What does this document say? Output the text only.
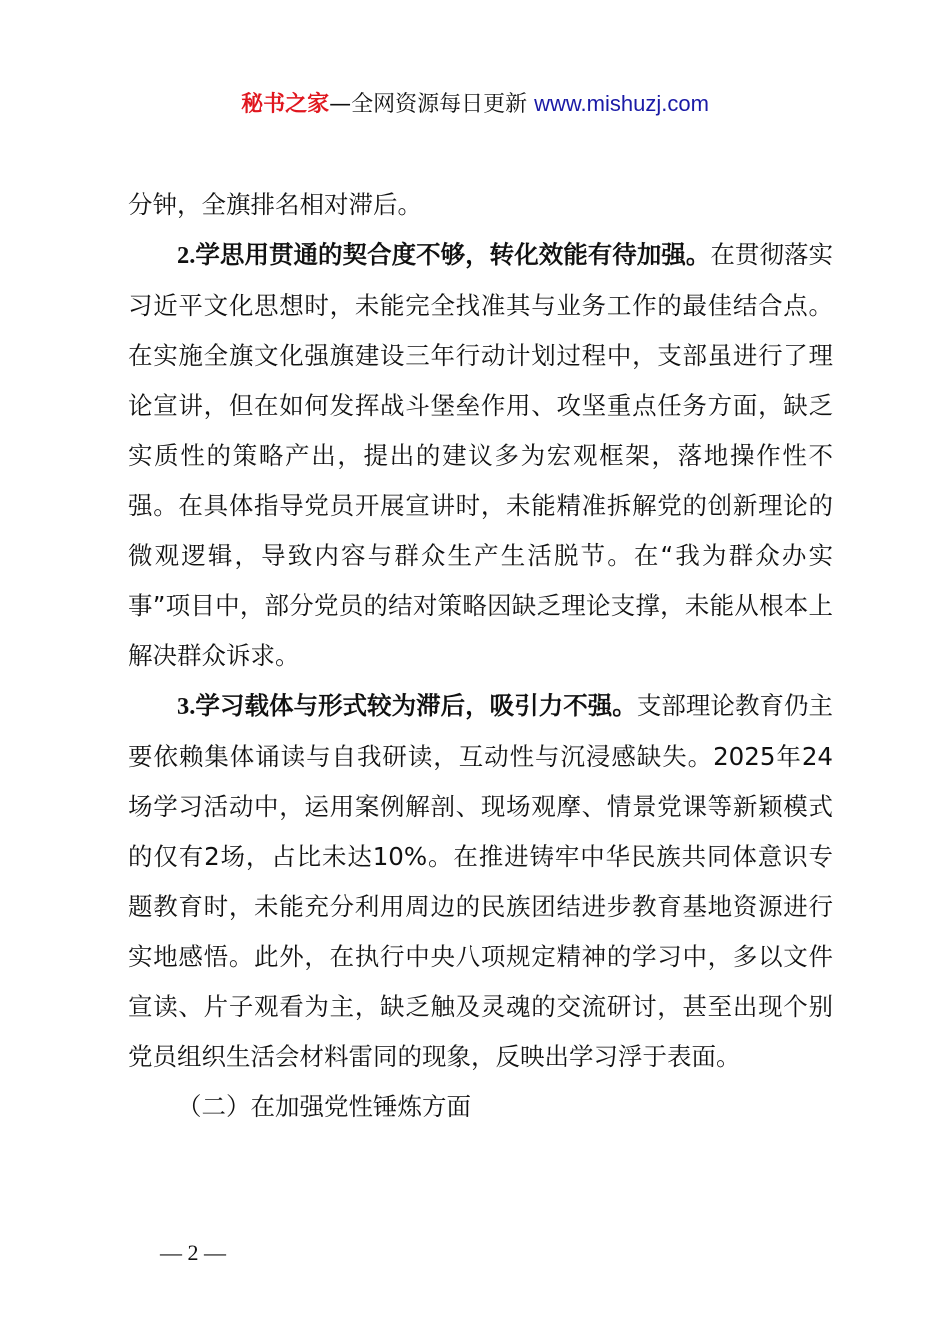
秘书之家—全网资源每日更新 www.mishuzj.com

分钟，全旗排名相对滞后。

2.学思用贯通的契合度不够，转化效能有待加强。在贯彻落实习近平文化思想时，未能完全找准其与业务工作的最佳结合点。在实施全旗文化强旗建设三年行动计划过程中，支部虽进行了理论宣讲，但在如何发挥战斗堡垒作用、攻坚重点任务方面，缺乏实质性的策略产出，提出的建议多为宏观框架，落地操作性不强。在具体指导党员开展宣讲时，未能精准拆解党的创新理论的微观逻辑，导致内容与群众生产生活脱节。在“我为群众办实事”项目中，部分党员的结对策略因缺乏理论支撑，未能从根本上解决群众诉求。

3.学习载体与形式较为滞后，吸引力不强。支部理论教育仍主要依赖集体诵读与自我研读，互动性与沉浸感缺失。2025年24场学习活动中，运用案例解剖、现场观摩、情景党课等新颖模式的仅有2场，占比未达10%。在推进铸牢中华民族共同体意识专题教育时，未能充分利用周边的民族团结进步教育基地资源进行实地感悟。此外，在执行中央八项规定精神的学习中，多以文件宣读、片子观看为主，缺乏触及灵魂的交流研讨，甚至出现个别党员组织生活会材料雷同的现象，反映出学习浮于表面。

（二）在加强党性锤炼方面

— 2 —
